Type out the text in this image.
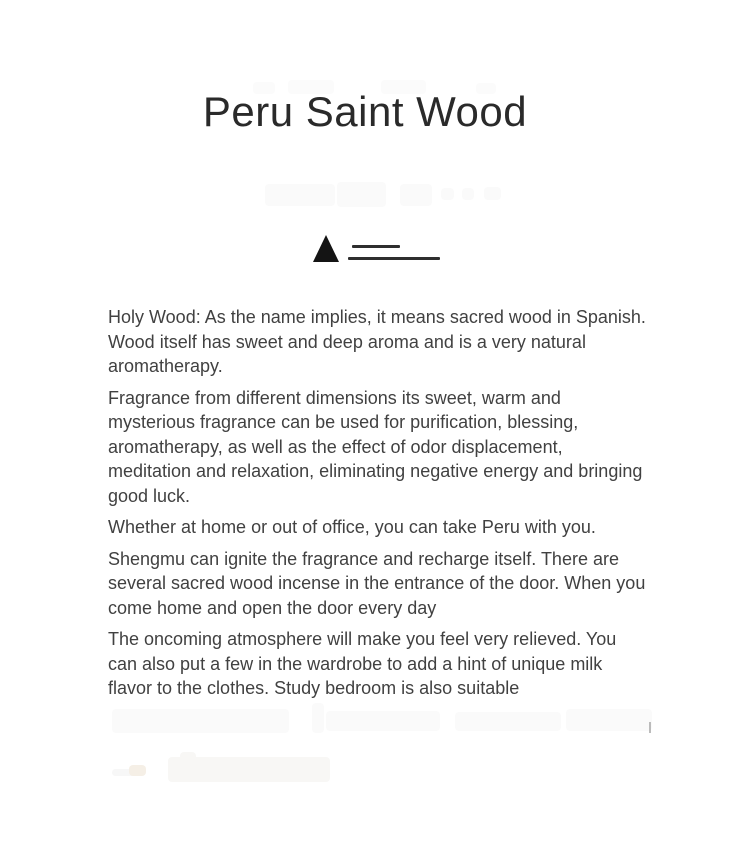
Peru Saint Wood

Holy Wood: As the name implies, it means sacred wood in Spanish.
Wood itself has sweet and deep aroma and is a very natural
aromatherapy.

Fragrance from different dimensions its sweet, warm and
mysterious fragrance can be used for purification, blessing,
aromatherapy, as well as the effect of odor displacement,
meditation and relaxation, eliminating negative energy and bringing
good luck.

Whether at home or out of office, you can take Peru with you.

Shengmu can ignite the fragrance and recharge itself. There are
several sacred wood incense in the entrance of the door. When you
come home and open the door every day

The oncoming atmosphere will make you feel very relieved. You
can also put a few in the wardrobe to add a hint of unique milk
flavor to the clothes. Study bedroom is also suitable
